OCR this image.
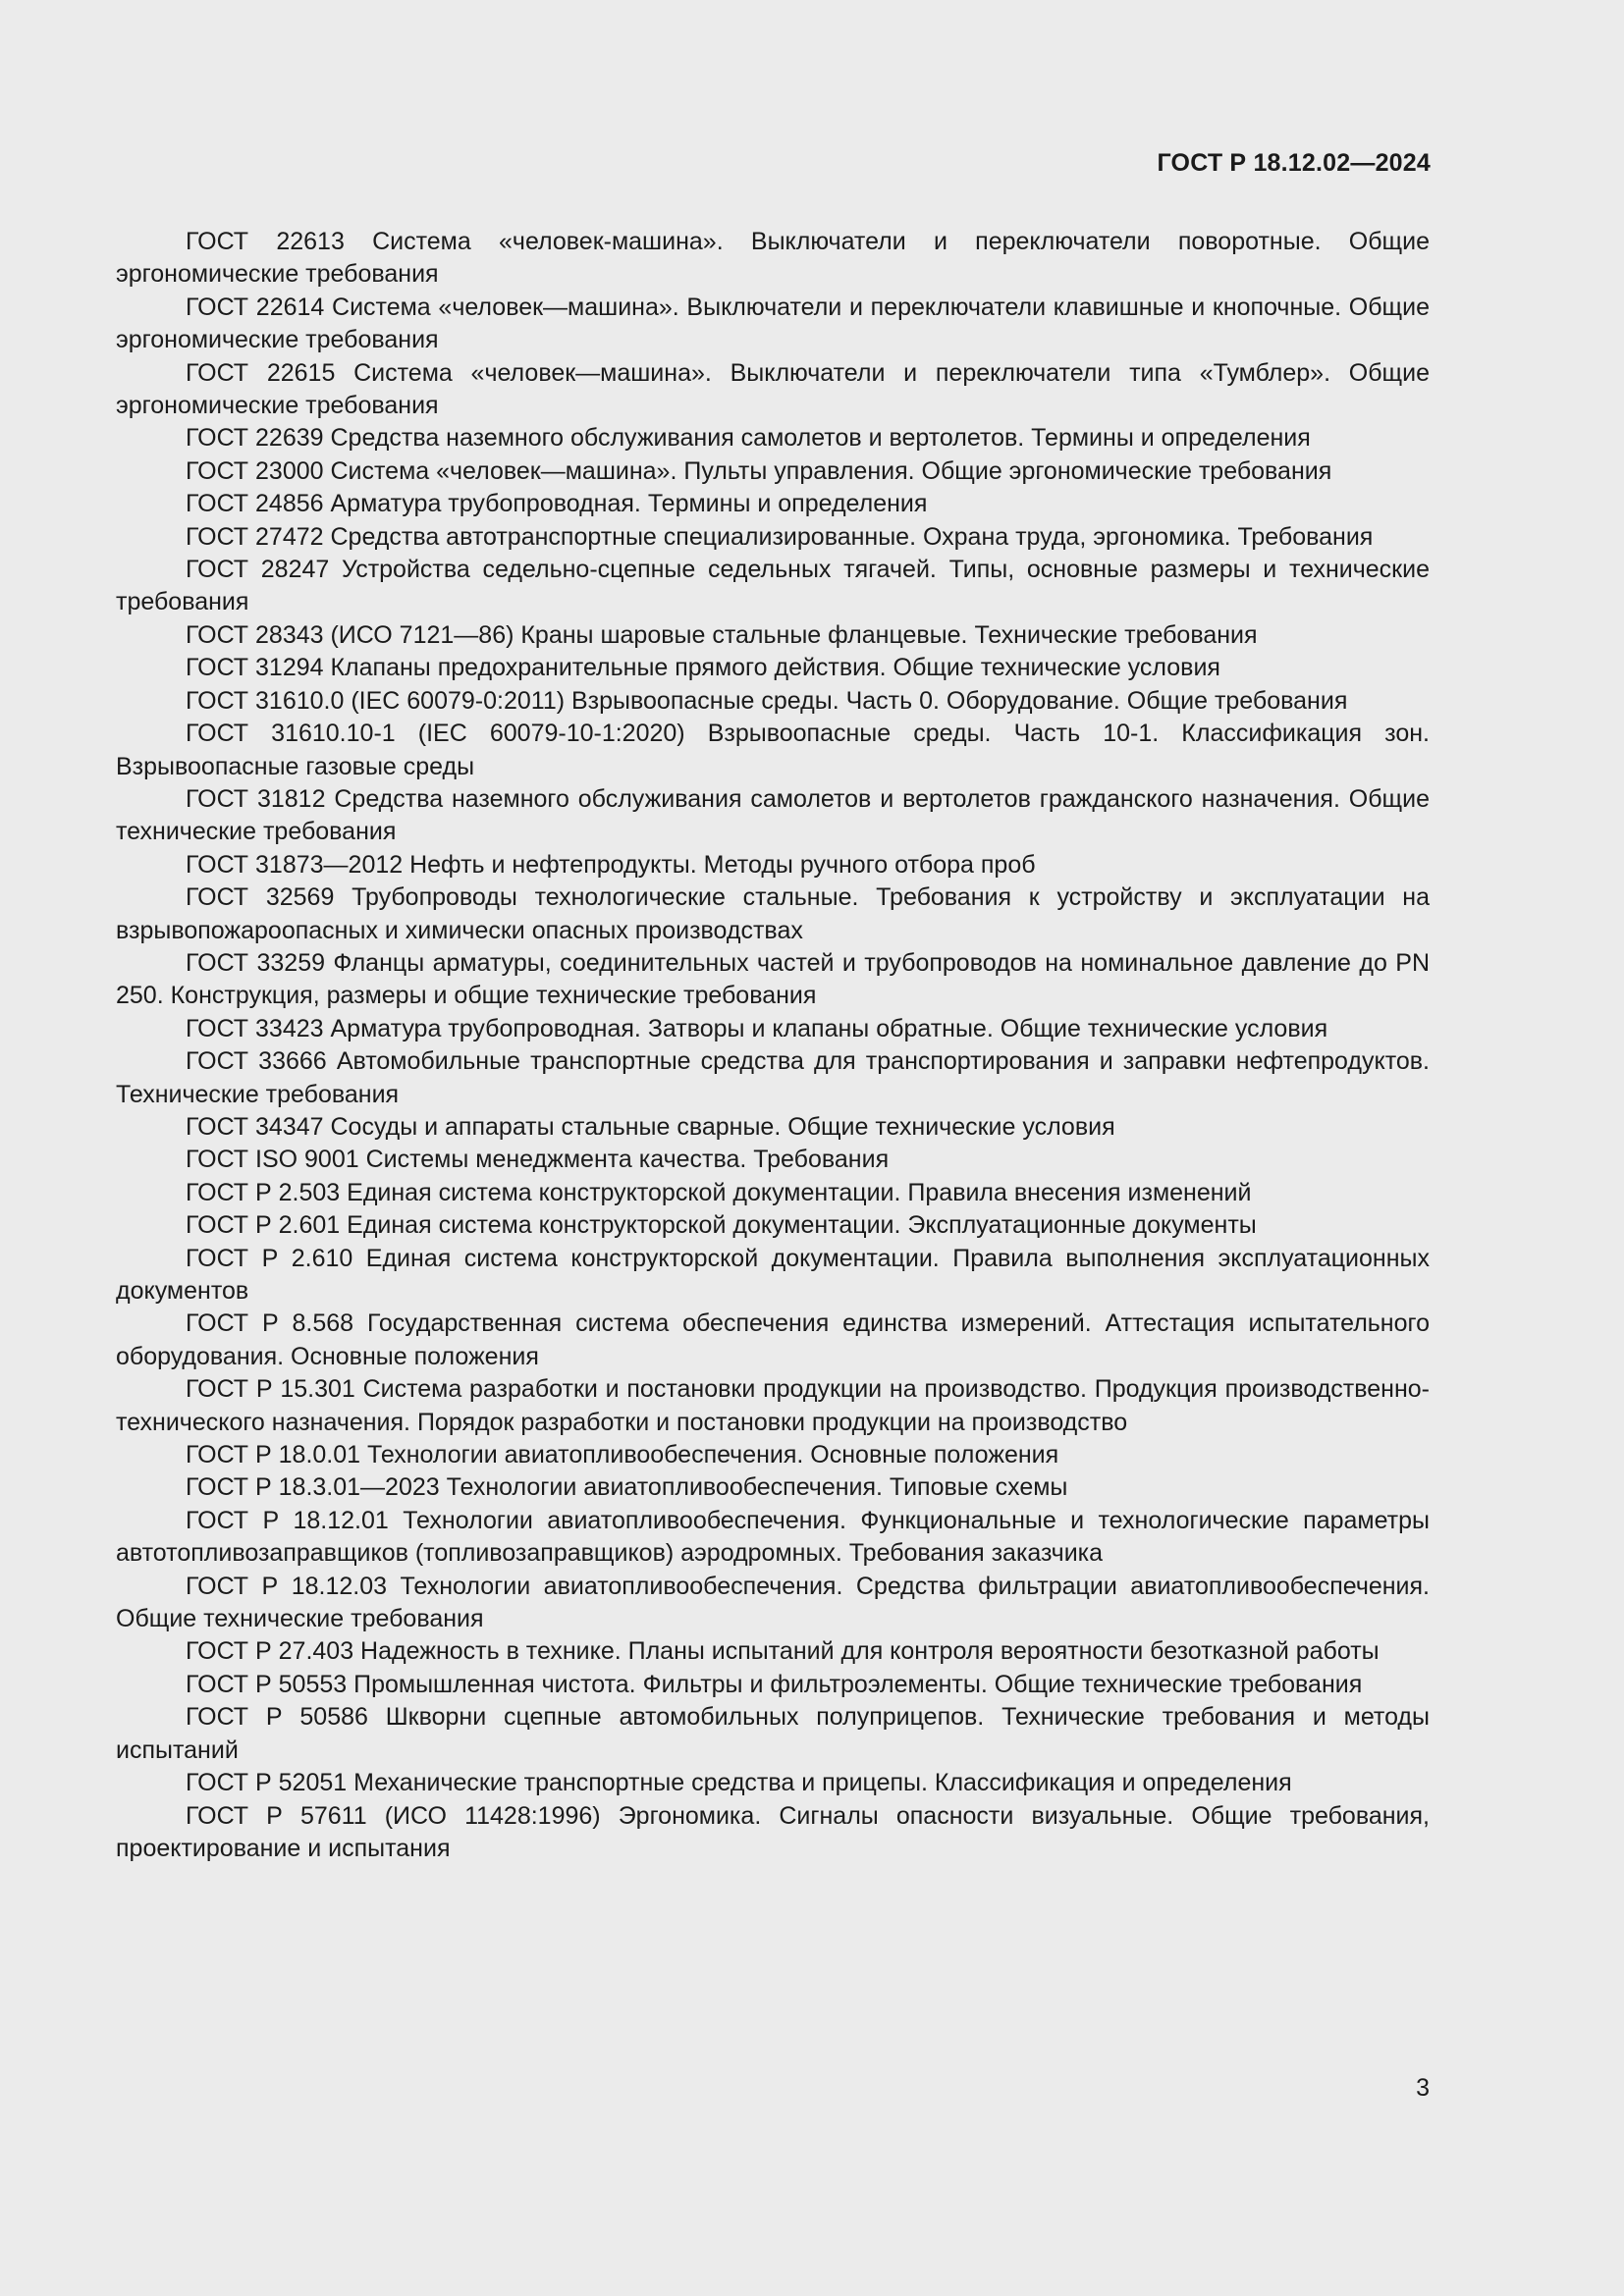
ГОСТ Р 18.12.02—2024

ГОСТ 22613 Система «человек-машина». Выключатели и переключатели поворотные. Общие эргономические требования

ГОСТ 22614 Система «человек—машина». Выключатели и переключатели клавишные и кнопочные. Общие эргономические требования

ГОСТ 22615 Система «человек—машина». Выключатели и переключатели типа «Тумблер». Общие эргономические требования

ГОСТ 22639 Средства наземного обслуживания самолетов и вертолетов. Термины и определения

ГОСТ 23000 Система «человек—машина». Пульты управления. Общие эргономические требования

ГОСТ 24856 Арматура трубопроводная. Термины и определения

ГОСТ 27472 Средства автотранспортные специализированные. Охрана труда, эргономика. Требования

ГОСТ 28247 Устройства седельно-сцепные седельных тягачей. Типы, основные размеры и технические требования

ГОСТ 28343 (ИСО 7121—86) Краны шаровые стальные фланцевые. Технические требования

ГОСТ 31294 Клапаны предохранительные прямого действия. Общие технические условия

ГОСТ 31610.0 (IEC 60079-0:2011) Взрывоопасные среды. Часть 0. Оборудование. Общие требования

ГОСТ 31610.10-1 (IEC 60079-10-1:2020) Взрывоопасные среды. Часть 10-1. Классификация зон. Взрывоопасные газовые среды

ГОСТ 31812 Средства наземного обслуживания самолетов и вертолетов гражданского назначения. Общие технические требования

ГОСТ 31873—2012 Нефть и нефтепродукты. Методы ручного отбора проб

ГОСТ 32569 Трубопроводы технологические стальные. Требования к устройству и эксплуатации на взрывопожароопасных и химически опасных производствах

ГОСТ 33259 Фланцы арматуры, соединительных частей и трубопроводов на номинальное давление до PN 250. Конструкция, размеры и общие технические требования

ГОСТ 33423 Арматура трубопроводная. Затворы и клапаны обратные. Общие технические условия

ГОСТ 33666 Автомобильные транспортные средства для транспортирования и заправки нефтепродуктов. Технические требования

ГОСТ 34347 Сосуды и аппараты стальные сварные. Общие технические условия

ГОСТ ISO 9001 Системы менеджмента качества. Требования

ГОСТ Р 2.503 Единая система конструкторской документации. Правила внесения изменений

ГОСТ Р 2.601 Единая система конструкторской документации. Эксплуатационные документы

ГОСТ Р 2.610 Единая система конструкторской документации. Правила выполнения эксплуатационных документов

ГОСТ Р 8.568 Государственная система обеспечения единства измерений. Аттестация испытательного оборудования. Основные положения

ГОСТ Р 15.301 Система разработки и постановки продукции на производство. Продукция производственно-технического назначения. Порядок разработки и постановки продукции на производство

ГОСТ Р 18.0.01 Технологии авиатопливообеспечения. Основные положения

ГОСТ Р 18.3.01—2023 Технологии авиатопливообеспечения. Типовые схемы

ГОСТ Р 18.12.01 Технологии авиатопливообеспечения. Функциональные и технологические параметры автотопливозаправщиков (топливозаправщиков) аэродромных. Требования заказчика

ГОСТ Р 18.12.03 Технологии авиатопливообеспечения. Средства фильтрации авиатопливообеспечения. Общие технические требования

ГОСТ Р 27.403 Надежность в технике. Планы испытаний для контроля вероятности безотказной работы

ГОСТ Р 50553 Промышленная чистота. Фильтры и фильтроэлементы. Общие технические требования

ГОСТ Р 50586 Шкворни сцепные автомобильных полуприцепов. Технические требования и методы испытаний

ГОСТ Р 52051 Механические транспортные средства и прицепы. Классификация и определения

ГОСТ Р 57611 (ИСО 11428:1996) Эргономика. Сигналы опасности визуальные. Общие требования, проектирование и испытания

3
